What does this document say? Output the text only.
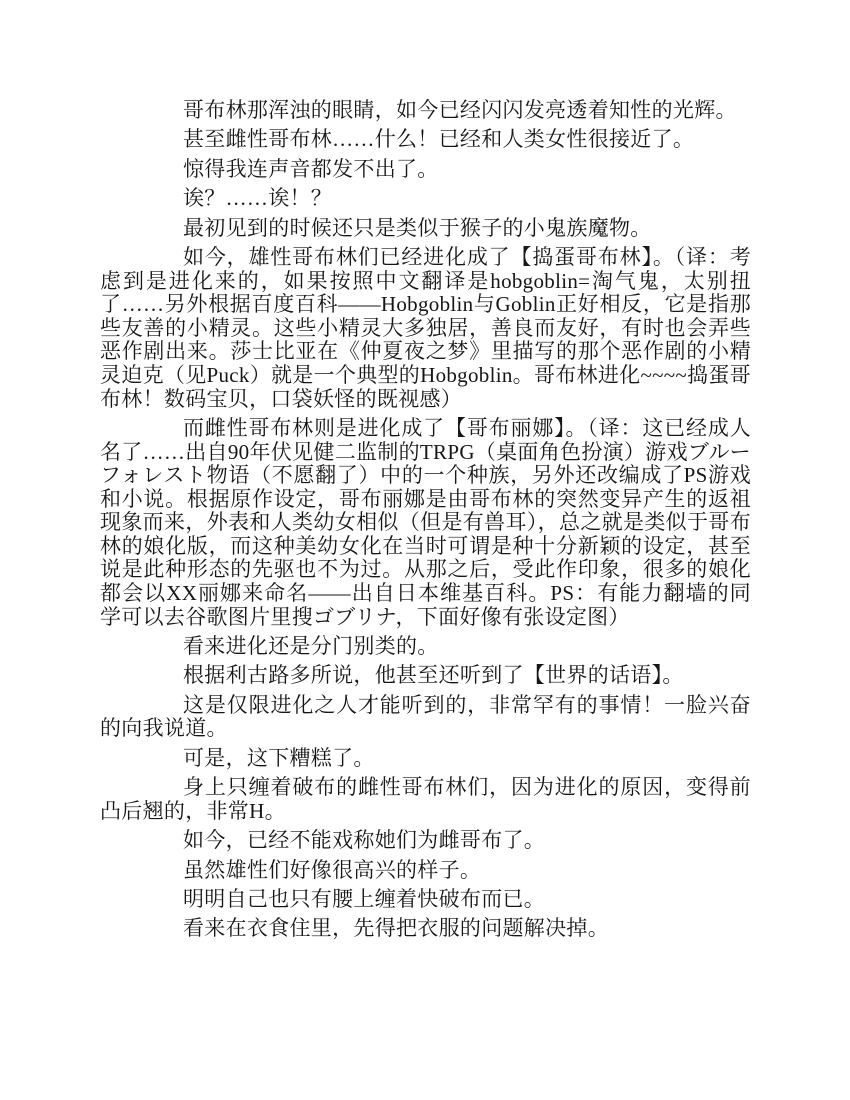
哥布林那浑浊的眼睛，如今已经闪闪发亮透着知性的光辉。

甚至雌性哥布林……什么！已经和人类女性很接近了。

惊得我连声音都发不出了。

诶？……诶！？

最初见到的时候还只是类似于猴子的小鬼族魔物。

如今，雄性哥布林们已经进化成了【捣蛋哥布林】。（译：考虑到是进化来的，如果按照中文翻译是hobgoblin=淘气鬼，太别扭了……另外根据百度百科——Hobgoblin与Goblin正好相反，它是指那些友善的小精灵。这些小精灵大多独居，善良而友好，有时也会弄些恶作剧出来。莎士比亚在《仲夏夜之梦》里描写的那个恶作剧的小精灵迫克（见Puck）就是一个典型的Hobgoblin。哥布林进化~~~~捣蛋哥布林！数码宝贝，口袋妖怪的既视感）

而雌性哥布林则是进化成了【哥布丽娜】。（译：这已经成人名了……出自90年伏见健二监制的TRPG（桌面角色扮演）游戏ブルーフォレスト物语（不愿翻了）中的一个种族，另外还改编成了PS游戏和小说。根据原作设定，哥布丽娜是由哥布林的突然变异产生的返祖现象而来，外表和人类幼女相似（但是有兽耳），总之就是类似于哥布林的娘化版，而这种美幼女化在当时可谓是种十分新颖的设定，甚至说是此种形态的先驱也不为过。从那之后，受此作印象，很多的娘化都会以XX丽娜来命名——出自日本维基百科。PS：有能力翻墙的同学可以去谷歌图片里搜ゴブリナ，下面好像有张设定图）

看来进化还是分门别类的。

根据利古路多所说，他甚至还听到了【世界的话语】。

这是仅限进化之人才能听到的，非常罕有的事情！一脸兴奋的向我说道。

可是，这下糟糕了。

身上只缠着破布的雌性哥布林们，因为进化的原因，变得前凸后翘的，非常H。

如今，已经不能戏称她们为雌哥布了。

虽然雄性们好像很高兴的样子。

明明自己也只有腰上缠着快破布而已。

看来在衣食住里，先得把衣服的问题解决掉。
